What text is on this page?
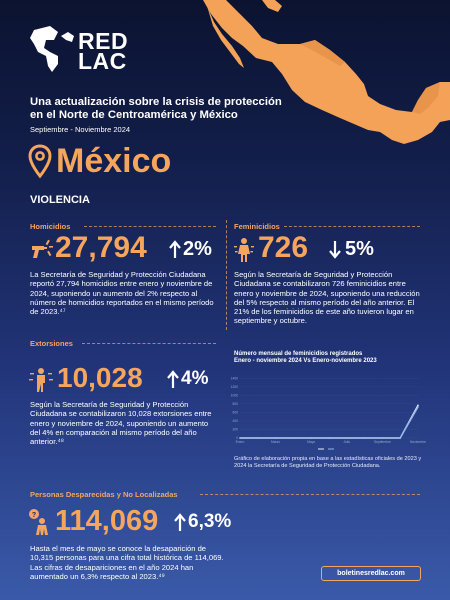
RED
LAC
Una actualización sobre la crisis de protección
en el Norte de Centroamérica y México
Septiembre - Noviembre 2024
México
VIOLENCIA
Homicidios
27,794 2%
La Secretaría de Seguridad y Protección Ciudadana reportó 27,794 homicidios entre enero y noviembre de 2024, suponiendo un aumento del 2% respecto al número de homicidios reportados en el mismo período de 2023.⁴⁷
Feminicidios
726 5%
Según la Secretaría de Seguridad y Protección Ciudadana se contabilizaron 726 feminicidios entre enero y noviembre de 2024, suponiendo una reducción del 5% respecto al mismo período del año anterior. El 21% de los feminicidios de este año tuvieron lugar en septiembre y octubre.
Extorsiones
10,028 4%
Según la Secretaría de Seguridad y Protección Ciudadana se contabilizaron 10,028 extorsiones entre enero y noviembre de 2024, suponiendo un aumento del 4% en comparación al mismo período del año anterior.⁴⁸
Número mensual de feminicidios registrados
Enero - noviembre 2024 Vs Enero-noviembre 2023
0
200
400
600
800
1000
1200
1400
Enero	Marzo	Mayo	Julio	Septiembre	Noviembre
Gráfico de elaboración propia en base a las estadísticas oficiales de 2023 y 2024 la Secretaría de Seguridad de Protección Ciudadana.
Personas Desparecidas y No Localizadas
? 114,069 6,3%
Hasta el mes de mayo se conoce la desaparición de 10,315 personas para una cifra total histórica de 114,069. Las cifras de desapariciones en el año 2024 han aumentado un 6,3% respecto al 2023.⁴⁹	boletinesredlac.com
